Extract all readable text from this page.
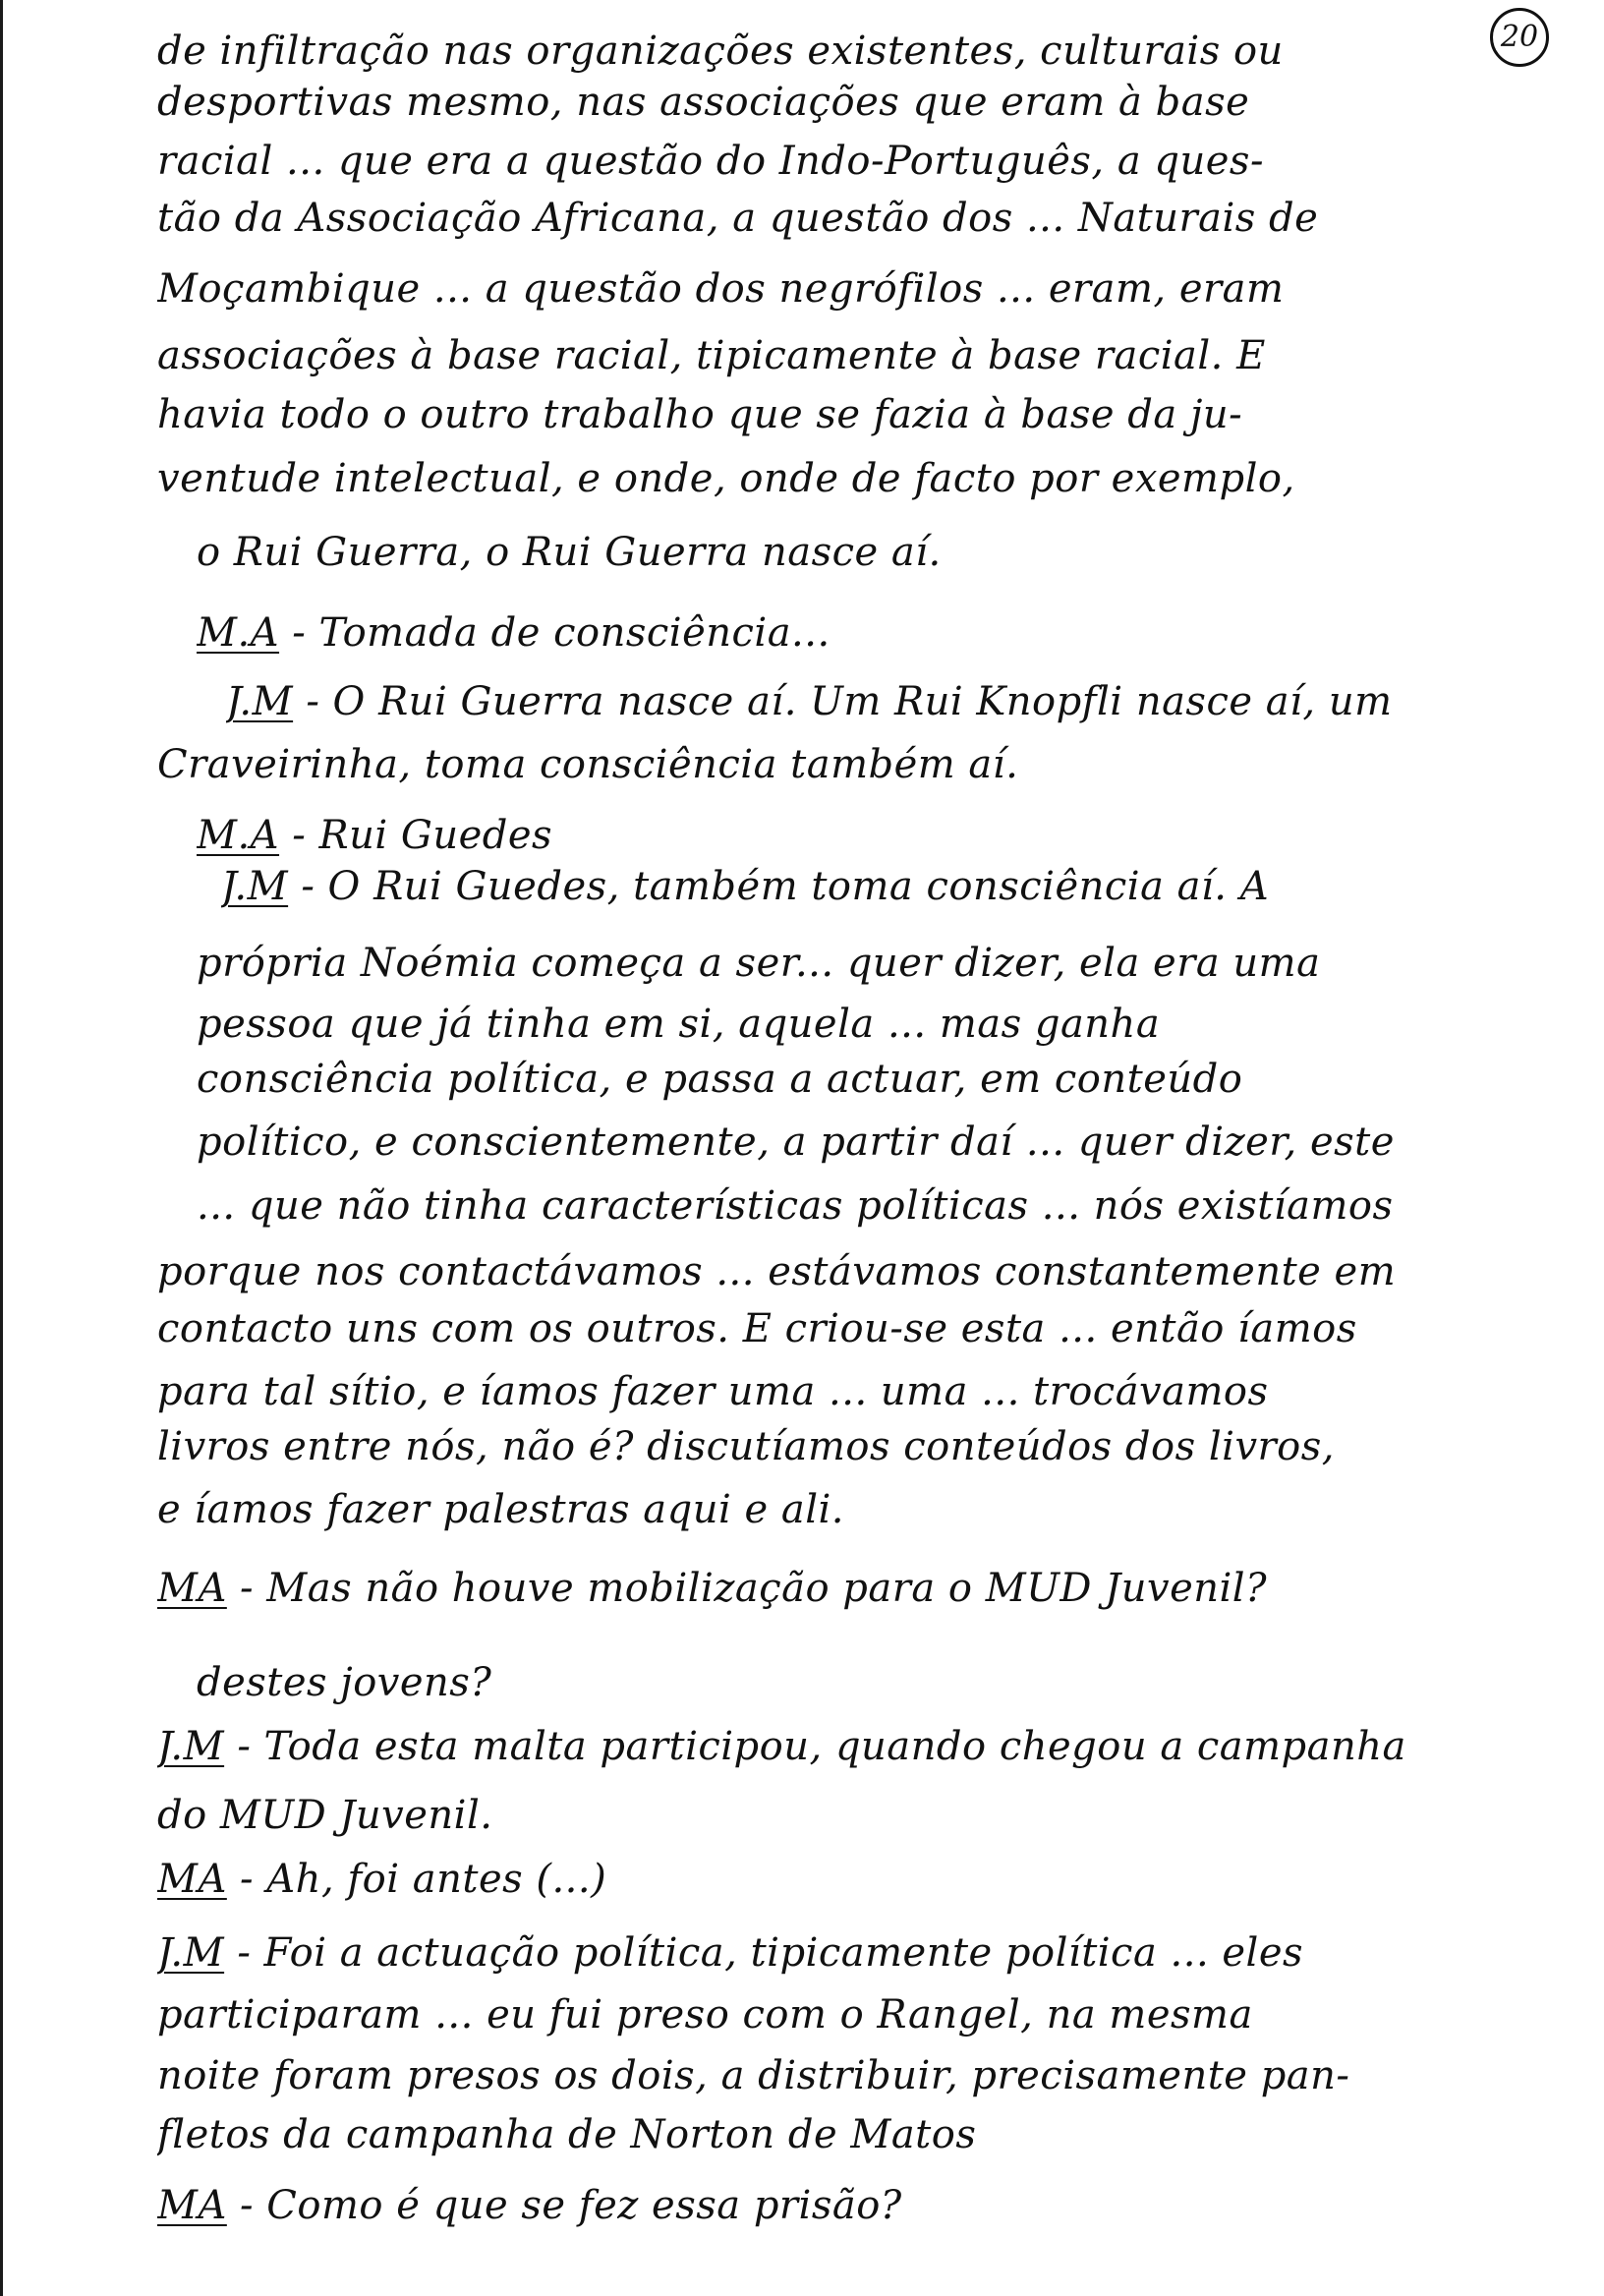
20
de infiltração nas organizações existentes, culturais ou
desportivas mesmo, nas associações que eram à base
racial ... que era a questão do Indo-Português, a ques-
tão da Associação Africana, a questão dos ... Naturais de
Moçambique ... a questão dos negrófilos ... eram, eram
associações à base racial, tipicamente à base racial. E
havia todo o outro trabalho que se fazia à base da ju-
ventude intelectual, e onde, onde de facto por exemplo,
o Rui Guerra, o Rui Guerra nasce aí.
M.A - Tomada de consciência...
J.M - O Rui Guerra nasce aí. Um Rui Knopfli nasce aí, um
Craveirinha, toma consciência também aí.
M.A - Rui Guedes
J.M - O Rui Guedes, também toma consciência aí. A
própria Noémia começa a ser... quer dizer, ela era uma
pessoa que já tinha em si, aquela ... mas ganha
consciência política, e passa a actuar, em conteúdo
político, e conscientemente, a partir daí ... quer dizer, este
... que não tinha características políticas ... nós existíamos
porque nos contactávamos ... estávamos constantemente em
contacto uns com os outros. E criou-se esta ... então íamos
para tal sítio, e íamos fazer uma ... uma ... trocávamos
livros entre nós, não é? discutíamos conteúdos dos livros,
e íamos fazer palestras aqui e ali.
MA - Mas não houve mobilização para o MUD Juvenil?
destes jovens?
J.M - Toda esta malta participou, quando chegou a campanha
do MUD Juvenil.
MA - Ah, foi antes (...)
J.M - Foi a actuação política, tipicamente política ... eles
participaram ... eu fui preso com o Rangel, na mesma
noite foram presos os dois, a distribuir, precisamente pan-
fletos da campanha de Norton de Matos
MA - Como é que se fez essa prisão?
